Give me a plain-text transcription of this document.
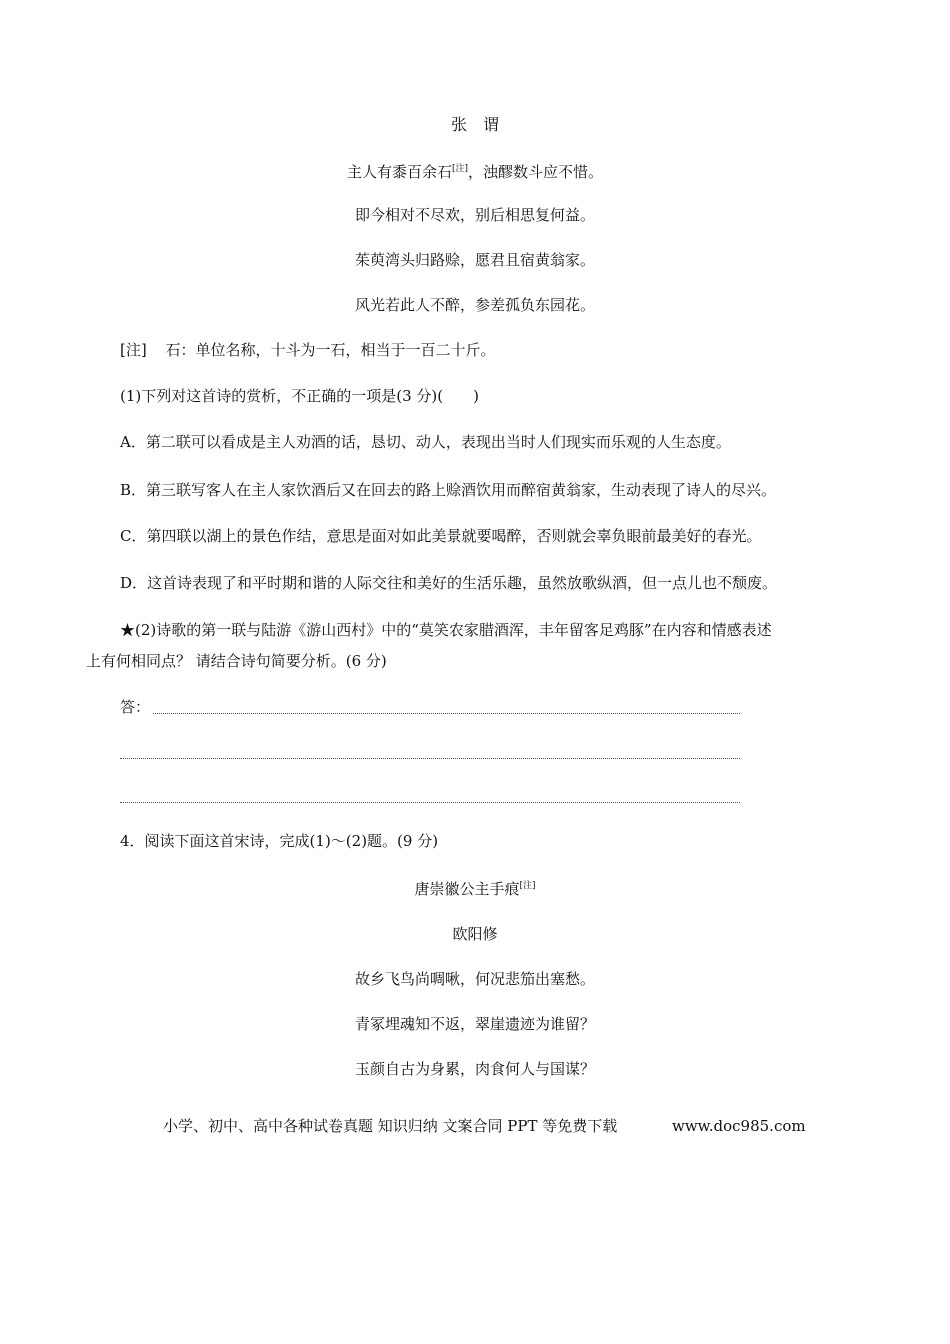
张　谓
主人有黍百余石[注]，浊醪数斗应不惜。
即今相对不尽欢，别后相思复何益。
茱萸湾头归路赊，愿君且宿黄翁家。
风光若此人不醉，参差孤负东园花。
[注] 石：单位名称，十斗为一石，相当于一百二十斤。
(1)下列对这首诗的赏析，不正确的一项是(3 分)(　　)
A．第二联可以看成是主人劝酒的话，恳切、动人，表现出当时人们现实而乐观的人生态度。
B．第三联写客人在主人家饮酒后又在回去的路上赊酒饮用而醉宿黄翁家，生动表现了诗人的尽兴。
C．第四联以湖上的景色作结，意思是面对如此美景就要喝醉，否则就会辜负眼前最美好的春光。
D．这首诗表现了和平时期和谐的人际交往和美好的生活乐趣，虽然放歌纵酒，但一点儿也不颓废。
★(2)诗歌的第一联与陆游《游山西村》中的“莫笑农家腊酒浑，丰年留客足鸡豚”在内容和情感表述
上有何相同点？ 请结合诗句简要分析。(6 分)
答：
4．阅读下面这首宋诗，完成(1)～(2)题。(9 分)
唐崇徽公主手痕[注]
欧阳修
故乡飞鸟尚啁啾，何况悲笳出塞愁。
青冢埋魂知不返，翠崖遗迹为谁留？
玉颜自古为身累，肉食何人与国谋？
小学、初中、高中各种试卷真题 知识归纳 文案合同 PPT 等免费下载	www.doc985.com
